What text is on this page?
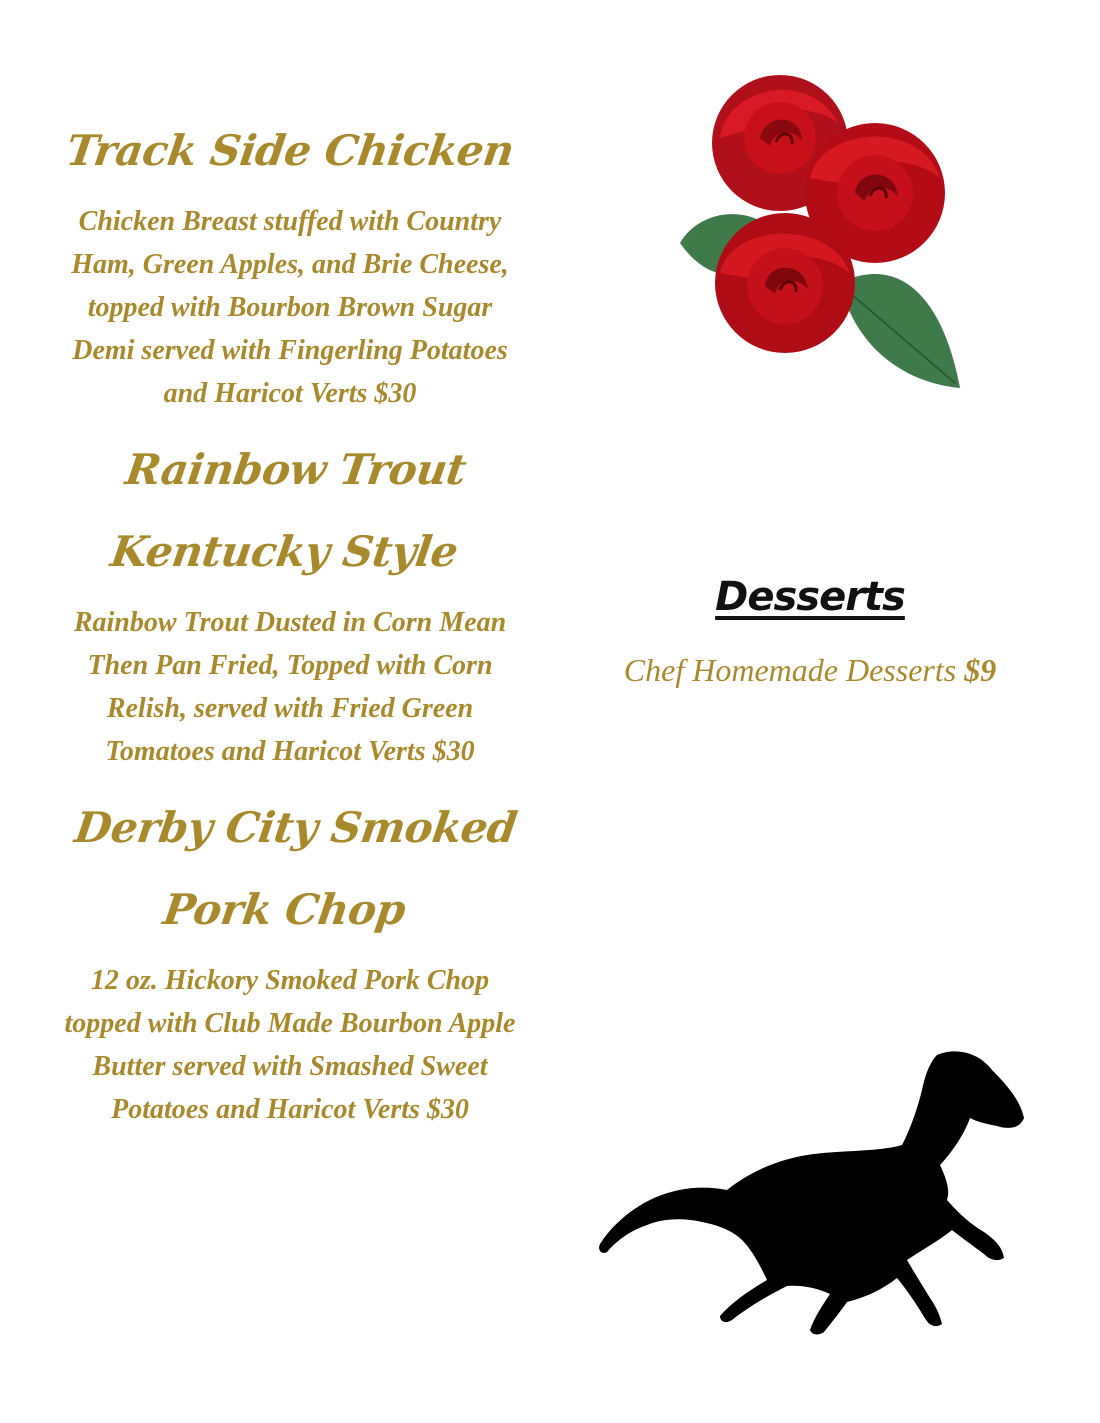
Track Side Chicken
Chicken Breast stuffed with Country Ham, Green Apples, and Brie Cheese, topped with Bourbon Brown Sugar Demi served with Fingerling Potatoes and Haricot Verts $30
Rainbow Trout Kentucky Style
Rainbow Trout Dusted in Corn Mean Then Pan Fried, Topped with Corn Relish, served with Fried Green Tomatoes and Haricot Verts $30
Derby City Smoked Pork Chop
12 oz. Hickory Smoked Pork Chop topped with Club Made Bourbon Apple Butter served with Smashed Sweet Potatoes and Haricot Verts $30
Desserts
Chef Homemade Desserts $9
